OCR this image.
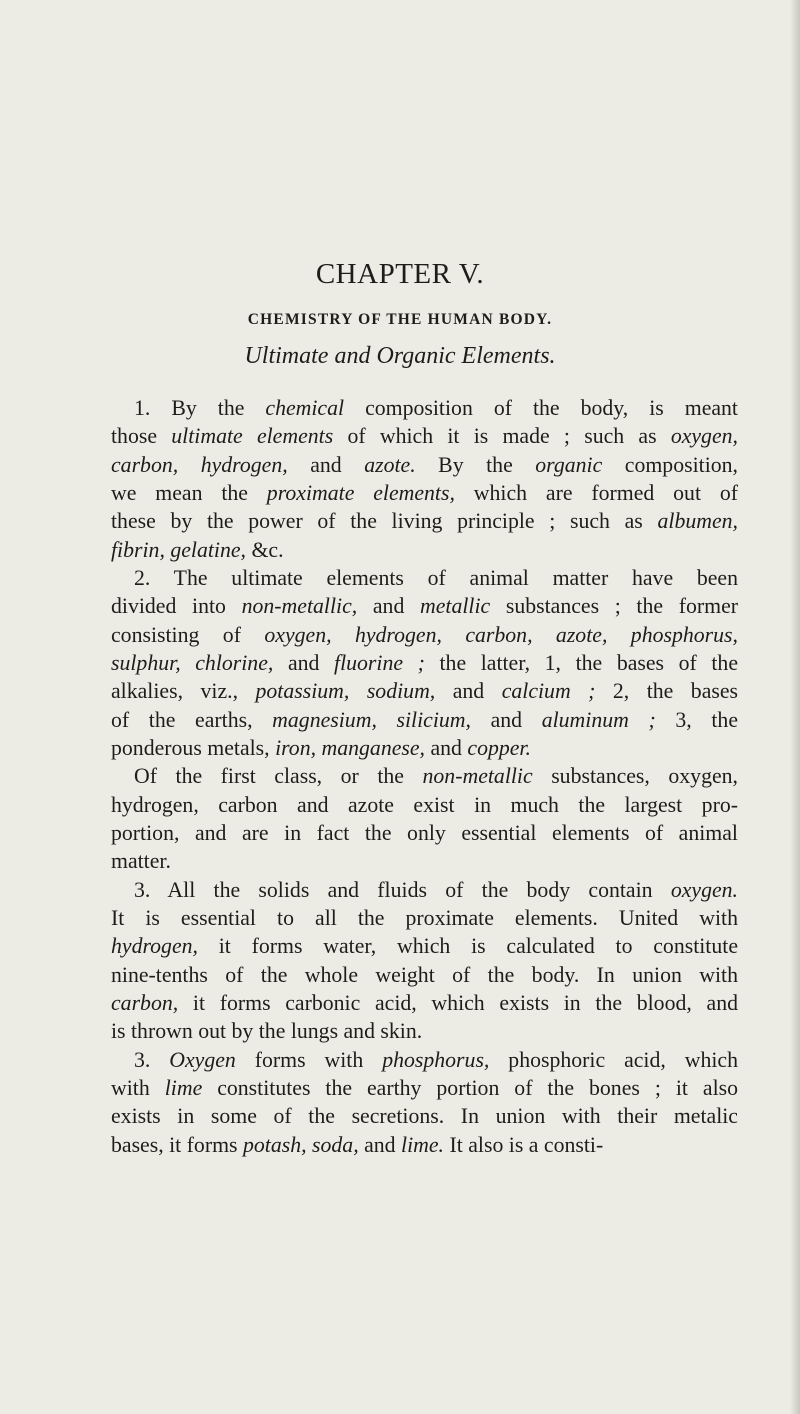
CHAPTER V.
CHEMISTRY OF THE HUMAN BODY.
Ultimate and Organic Elements.
1. By the chemical composition of the body, is meant
those ultimate elements of which it is made ; such as oxygen,
carbon, hydrogen, and azote. By the organic composition,
we mean the proximate elements, which are formed out of
these by the power of the living principle ; such as albumen,
fibrin, gelatine, &c.
2. The ultimate elements of animal matter have been
divided into non-metallic, and metallic substances ; the former
consisting of oxygen, hydrogen, carbon, azote, phosphorus,
sulphur, chlorine, and fluorine ; the latter, 1, the bases of the
alkalies, viz., potassium, sodium, and calcium ; 2, the bases
of the earths, magnesium, silicium, and aluminum ; 3, the
ponderous metals, iron, manganese, and copper.
Of the first class, or the non-metallic substances, oxygen,
hydrogen, carbon and azote exist in much the largest pro-
portion, and are in fact the only essential elements of animal
matter.
3. All the solids and fluids of the body contain oxygen.
It is essential to all the proximate elements. United with
hydrogen, it forms water, which is calculated to constitute
nine-tenths of the whole weight of the body. In union with
carbon, it forms carbonic acid, which exists in the blood, and
is thrown out by the lungs and skin.
3. Oxygen forms with phosphorus, phosphoric acid, which
with lime constitutes the earthy portion of the bones ; it also
exists in some of the secretions. In union with their metalic
bases, it forms potash, soda, and lime. It also is a consti-
